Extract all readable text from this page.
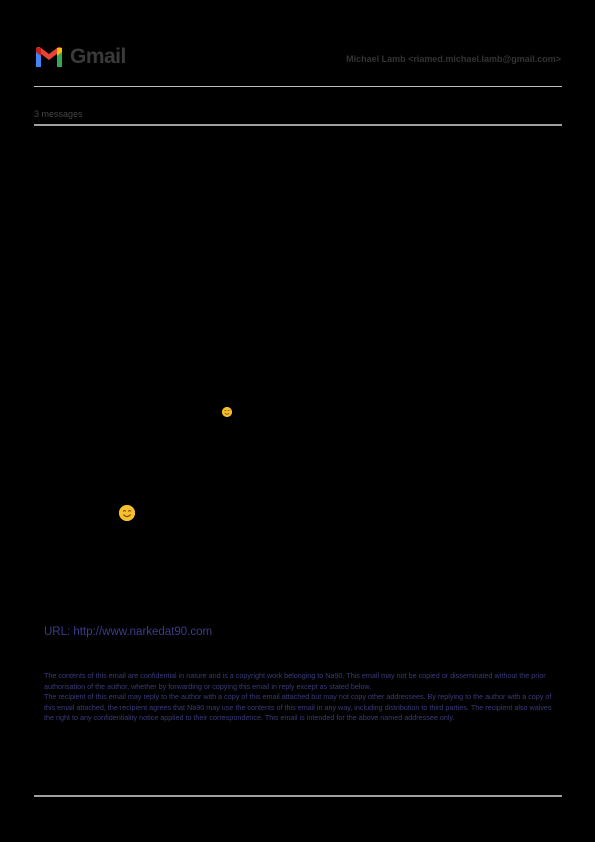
Gmail	Michael Lamb <riamed.michael.lamb@gmail.com>
3 messages
URL: http://www.narkedat90.com

The contents of this email are confidential in nature and is a copyright work belonging to Na90. This email may not be copied or disseminated without the prior authorisation of the author, whether by forwarding or copying this email in reply except as stated below.

The recipient of this email may reply to the author with a copy of this email attached but may not copy other addressees. By replying to the author with a copy of this email attached, the recipient agrees that Na90 may use the contents of this email in any way, including distribution to third parties. The recipient also waives the right to any confidentiality notice applied to their correspondence. This email is intended for the above named addressee only.
